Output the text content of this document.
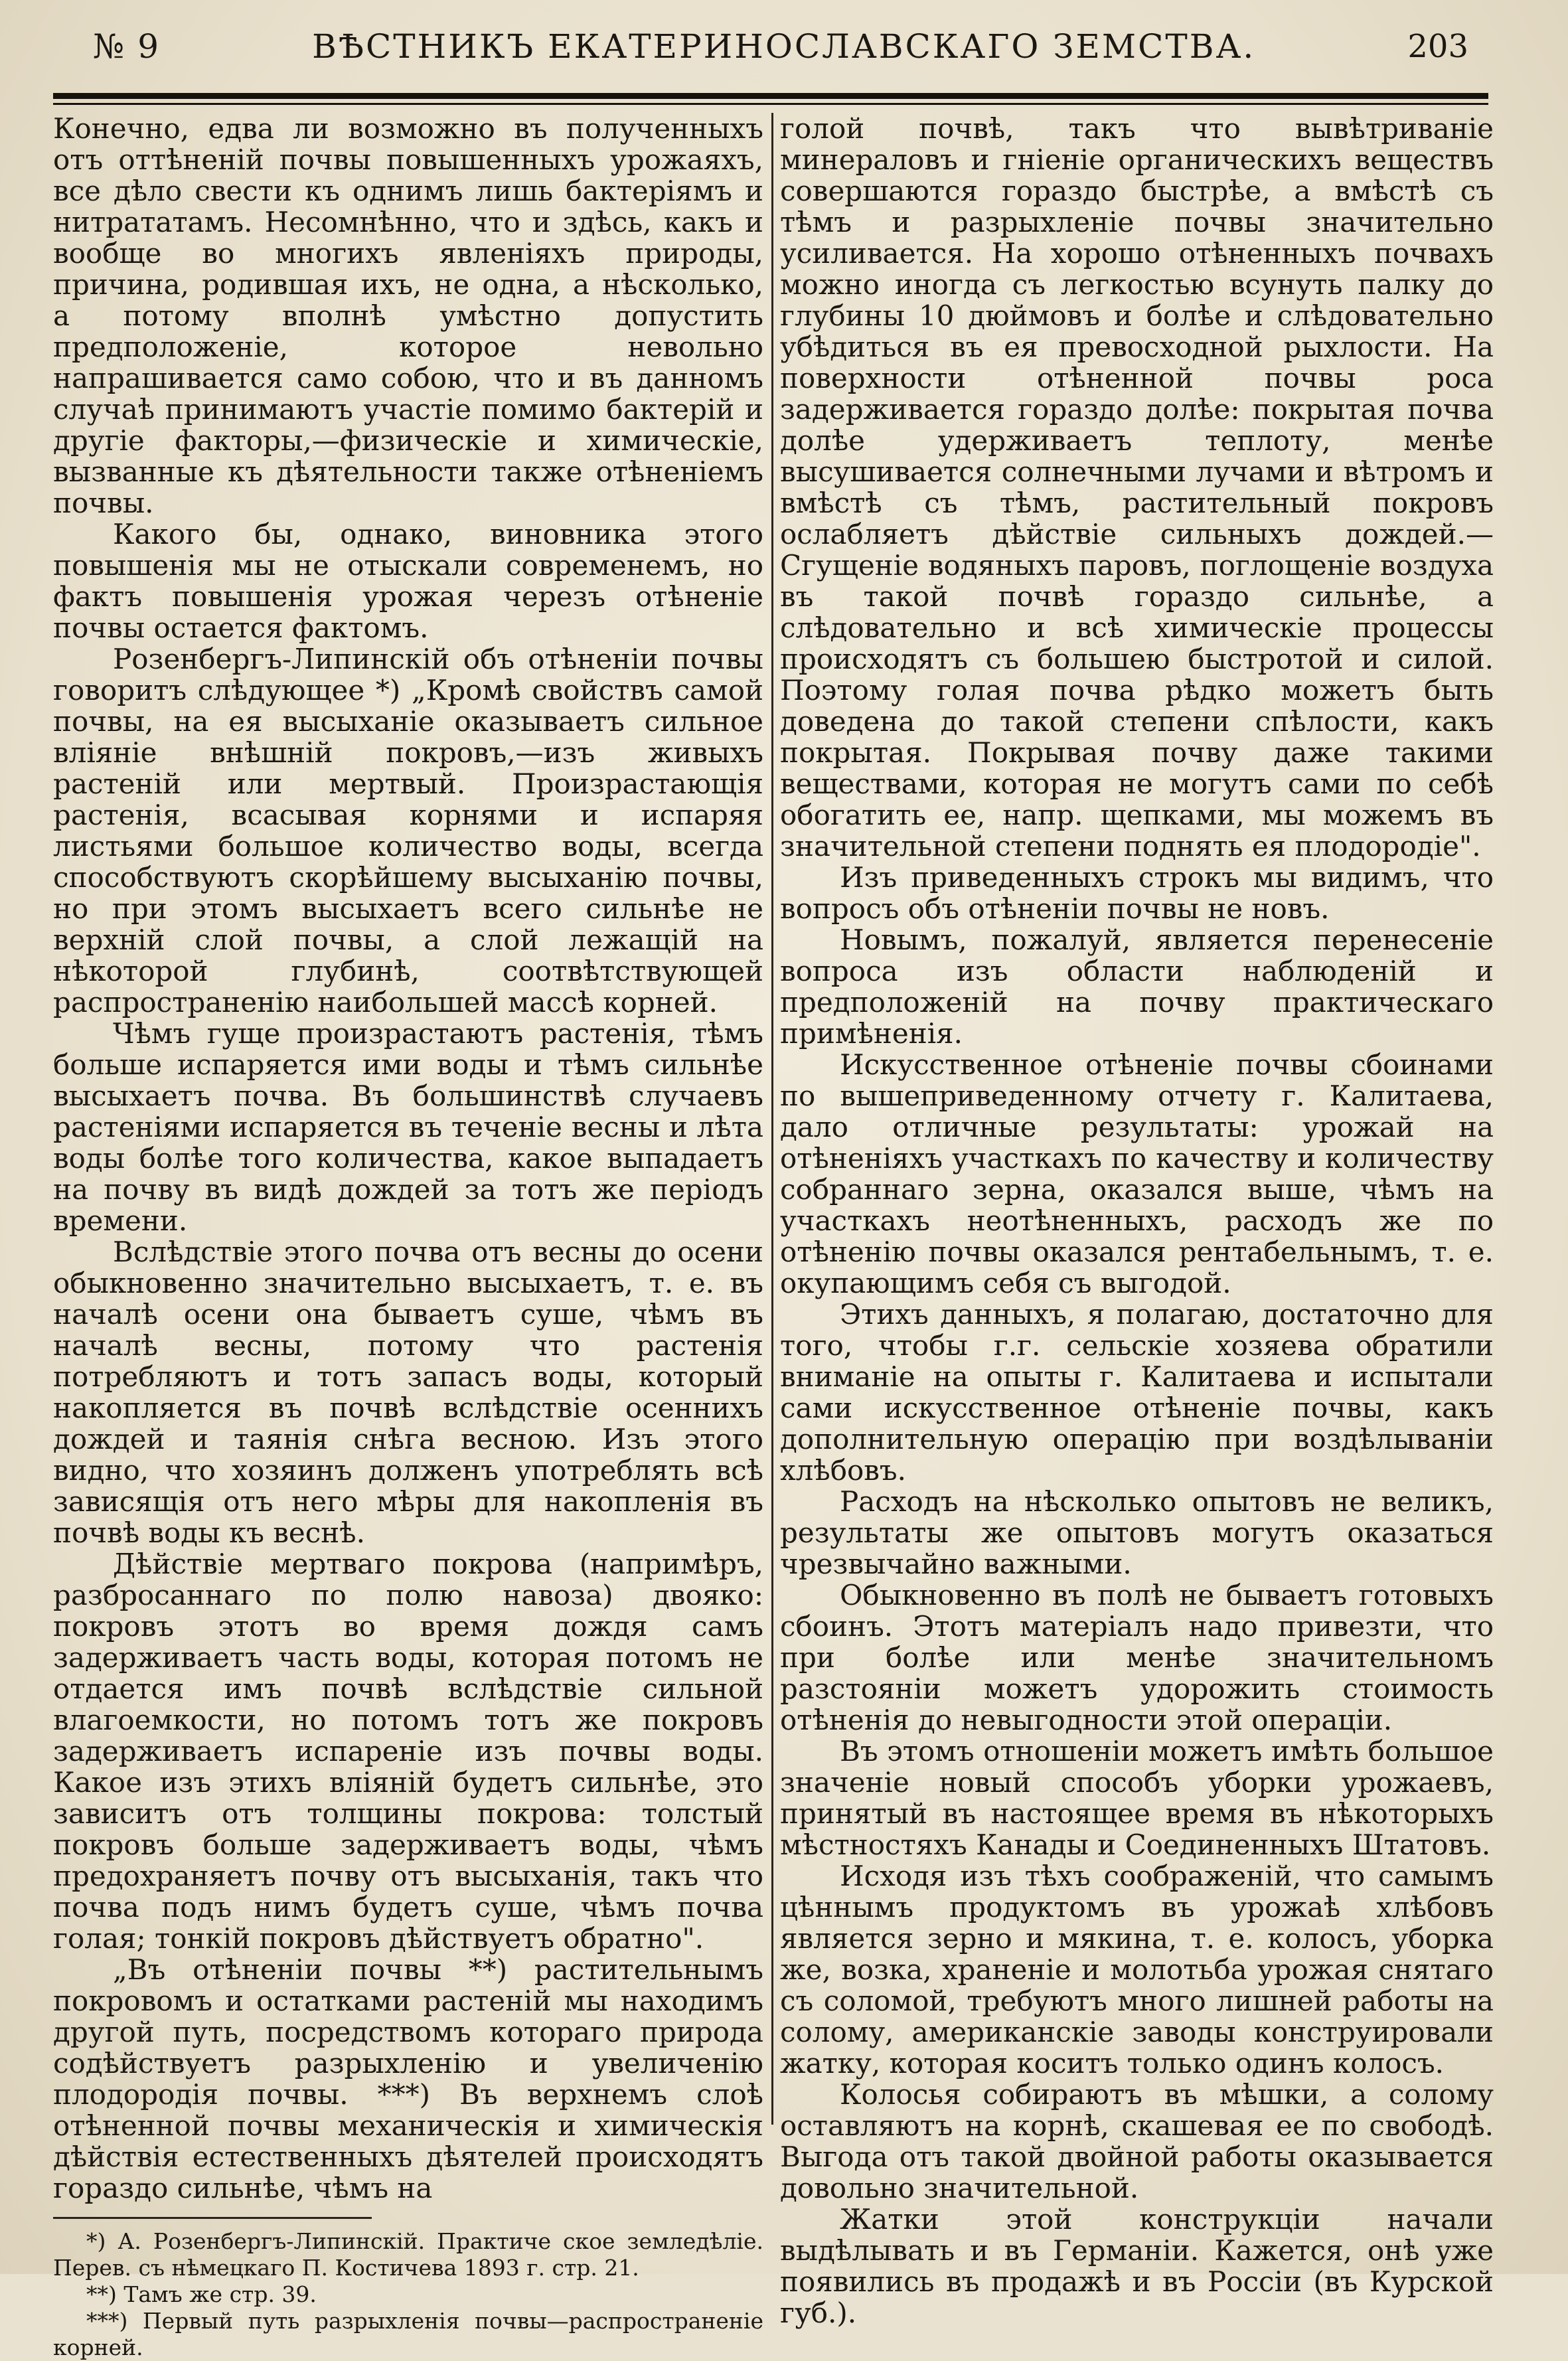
№ 9	ВѢСТНИКЪ ЕКАТЕРИНОСЛАВСКАГО ЗЕМСТВА.	203

Конечно, едва ли возможно въ полученныхъ отъ оттѣненій почвы повышенныхъ урожаяхъ, все дѣло свести къ однимъ лишь бактеріямъ и нитрататамъ. Несомнѣнно, что и здѣсь, какъ и вообще во многихъ явленіяхъ природы, причина, родившая ихъ, не одна, а нѣсколько, а потому вполнѣ умѣстно допустить предположеніе, которое невольно напрашивается само собою, что и въ данномъ случаѣ принимаютъ участіе помимо бактерій и другіе факторы,—физическіе и химическіе, вызванные къ дѣятельности также отѣненіемъ почвы.

Какого бы, однако, виновника этого повышенія мы не отыскали современемъ, но фактъ повышенія урожая черезъ отѣненіе почвы остается фактомъ.

Розенбергъ-Липинскій объ отѣненіи почвы говоритъ слѣдующее *) „Кромѣ свойствъ самой почвы, на ея высыханіе оказываетъ сильное вліяніе внѣшній покровъ,—изъ живыхъ растеній или мертвый. Произрастающія растенія, всасывая корнями и испаряя листьями большое количество воды, всегда способствуютъ скорѣйшему высыханію почвы, но при этомъ высыхаетъ всего сильнѣе не верхній слой почвы, а слой лежащій на нѣкоторой глубинѣ, соотвѣтствующей распространенію наибольшей массѣ корней.

Чѣмъ гуще произрастаютъ растенія, тѣмъ больше испаряется ими воды и тѣмъ сильнѣе высыхаетъ почва. Въ большинствѣ случаевъ растеніями испаряется въ теченіе весны и лѣта воды болѣе того количества, какое выпадаетъ на почву въ видѣ дождей за тотъ же періодъ времени.

Вслѣдствіе этого почва отъ весны до осени обыкновенно значительно высыхаетъ, т. е. въ началѣ осени она бываетъ суше, чѣмъ въ началѣ весны, потому что растенія потребляютъ и тотъ запасъ воды, который накопляется въ почвѣ вслѣдствіе осеннихъ дождей и таянія снѣга весною. Изъ этого видно, что хозяинъ долженъ употреблять всѣ зависящія отъ него мѣры для накопленія въ почвѣ воды къ веснѣ.

Дѣйствіе мертваго покрова (напримѣръ, разбросаннаго по полю навоза) двояко: покровъ этотъ во время дождя самъ задерживаетъ часть воды, которая потомъ не отдается имъ почвѣ вслѣдствіе сильной влагоемкости, но потомъ тотъ же покровъ задерживаетъ испареніе изъ почвы воды. Какое изъ этихъ вліяній будетъ сильнѣе, это зависитъ отъ толщины покрова: толстый покровъ больше задерживаетъ воды, чѣмъ предохраняетъ почву отъ высыханія, такъ что почва подъ нимъ будетъ суше, чѣмъ почва голая; тонкій покровъ дѣйствуетъ обратно".

„Въ отѣненіи почвы **) растительнымъ покровомъ и остатками растеній мы находимъ другой путь, посредствомъ котораго природа содѣйствуетъ разрыхленію и увеличенію плодородія почвы. ***) Въ верхнемъ слоѣ отѣненной почвы механическія и химическія дѣйствія естественныхъ дѣятелей происходятъ гораздо сильнѣе, чѣмъ на

*) А. Розенбергъ-Липинскій. Практиче ское земледѣліе. Перев. съ нѣмецкаго П. Костичева 1893 г. стр. 21.

**) Тамъ же стр. 39.

***) Первый путь разрыхленія почвы—распространеніе корней.

голой почвѣ, такъ что вывѣтриваніе минераловъ и гніеніе органическихъ веществъ совершаются гораздо быстрѣе, а вмѣстѣ съ тѣмъ и разрыхленіе почвы значительно усиливается. На хорошо отѣненныхъ почвахъ можно иногда съ легкостью всунуть палку до глубины 10 дюймовъ и болѣе и слѣдовательно убѣдиться въ ея превосходной рыхлости. На поверхности отѣненной почвы роса задерживается гораздо долѣе: покрытая почва долѣе удерживаетъ теплоту, менѣе высушивается солнечными лучами и вѣтромъ и вмѣстѣ съ тѣмъ, растительный покровъ ослабляетъ дѣйствіе сильныхъ дождей.—Сгущеніе водяныхъ паровъ, поглощеніе воздуха въ такой почвѣ гораздо сильнѣе, а слѣдовательно и всѣ химическіе процессы происходятъ съ большею быстротой и силой. Поэтому голая почва рѣдко можетъ быть доведена до такой степени спѣлости, какъ покрытая. Покрывая почву даже такими веществами, которая не могутъ сами по себѣ обогатить ее, напр. щепками, мы можемъ въ значительной степени поднять ея плодородіе".

Изъ приведенныхъ строкъ мы видимъ, что вопросъ объ отѣненіи почвы не новъ.

Новымъ, пожалуй, является перенесеніе вопроса изъ области наблюденій и предположеній на почву практическаго примѣненія.

Искусственное отѣненіе почвы сбоинами по вышеприведенному отчету г. Калитаева, дало отличные результаты: урожай на отѣненіяхъ участкахъ по качеству и количеству собраннаго зерна, оказался выше, чѣмъ на участкахъ неотѣненныхъ, расходъ же по отѣненію почвы оказался рентабельнымъ, т. е. окупающимъ себя съ выгодой.

Этихъ данныхъ, я полагаю, достаточно для того, чтобы г.г. сельскіе хозяева обратили вниманіе на опыты г. Калитаева и испытали сами искусственное отѣненіе почвы, какъ дополнительную операцію при воздѣлываніи хлѣбовъ.

Расходъ на нѣсколько опытовъ не великъ, результаты же опытовъ могутъ оказаться чрезвычайно важными.

Обыкновенно въ полѣ не бываетъ готовыхъ сбоинъ. Этотъ матеріалъ надо привезти, что при болѣе или менѣе значительномъ разстояніи можетъ удорожить стоимость отѣненія до невыгодности этой операціи.

Въ этомъ отношеніи можетъ имѣть большое значеніе новый способъ уборки урожаевъ, принятый въ настоящее время въ нѣкоторыхъ мѣстностяхъ Канады и Соединенныхъ Штатовъ.

Исходя изъ тѣхъ соображеній, что самымъ цѣннымъ продуктомъ въ урожаѣ хлѣбовъ является зерно и мякина, т. е. колосъ, уборка же, возка, храненіе и молотьба урожая снятаго съ соломой, требуютъ много лишней работы на солому, американскіе заводы конструировали жатку, которая коситъ только одинъ колосъ.

Колосья собираютъ въ мѣшки, а солому оставляютъ на корнѣ, скашевая ее по свободѣ. Выгода отъ такой двойной работы оказывается довольно значительной.

Жатки этой конструкціи начали выдѣлывать и въ Германіи. Кажется, онѣ уже появились въ продажѣ и въ Россіи (въ Курской губ.).
